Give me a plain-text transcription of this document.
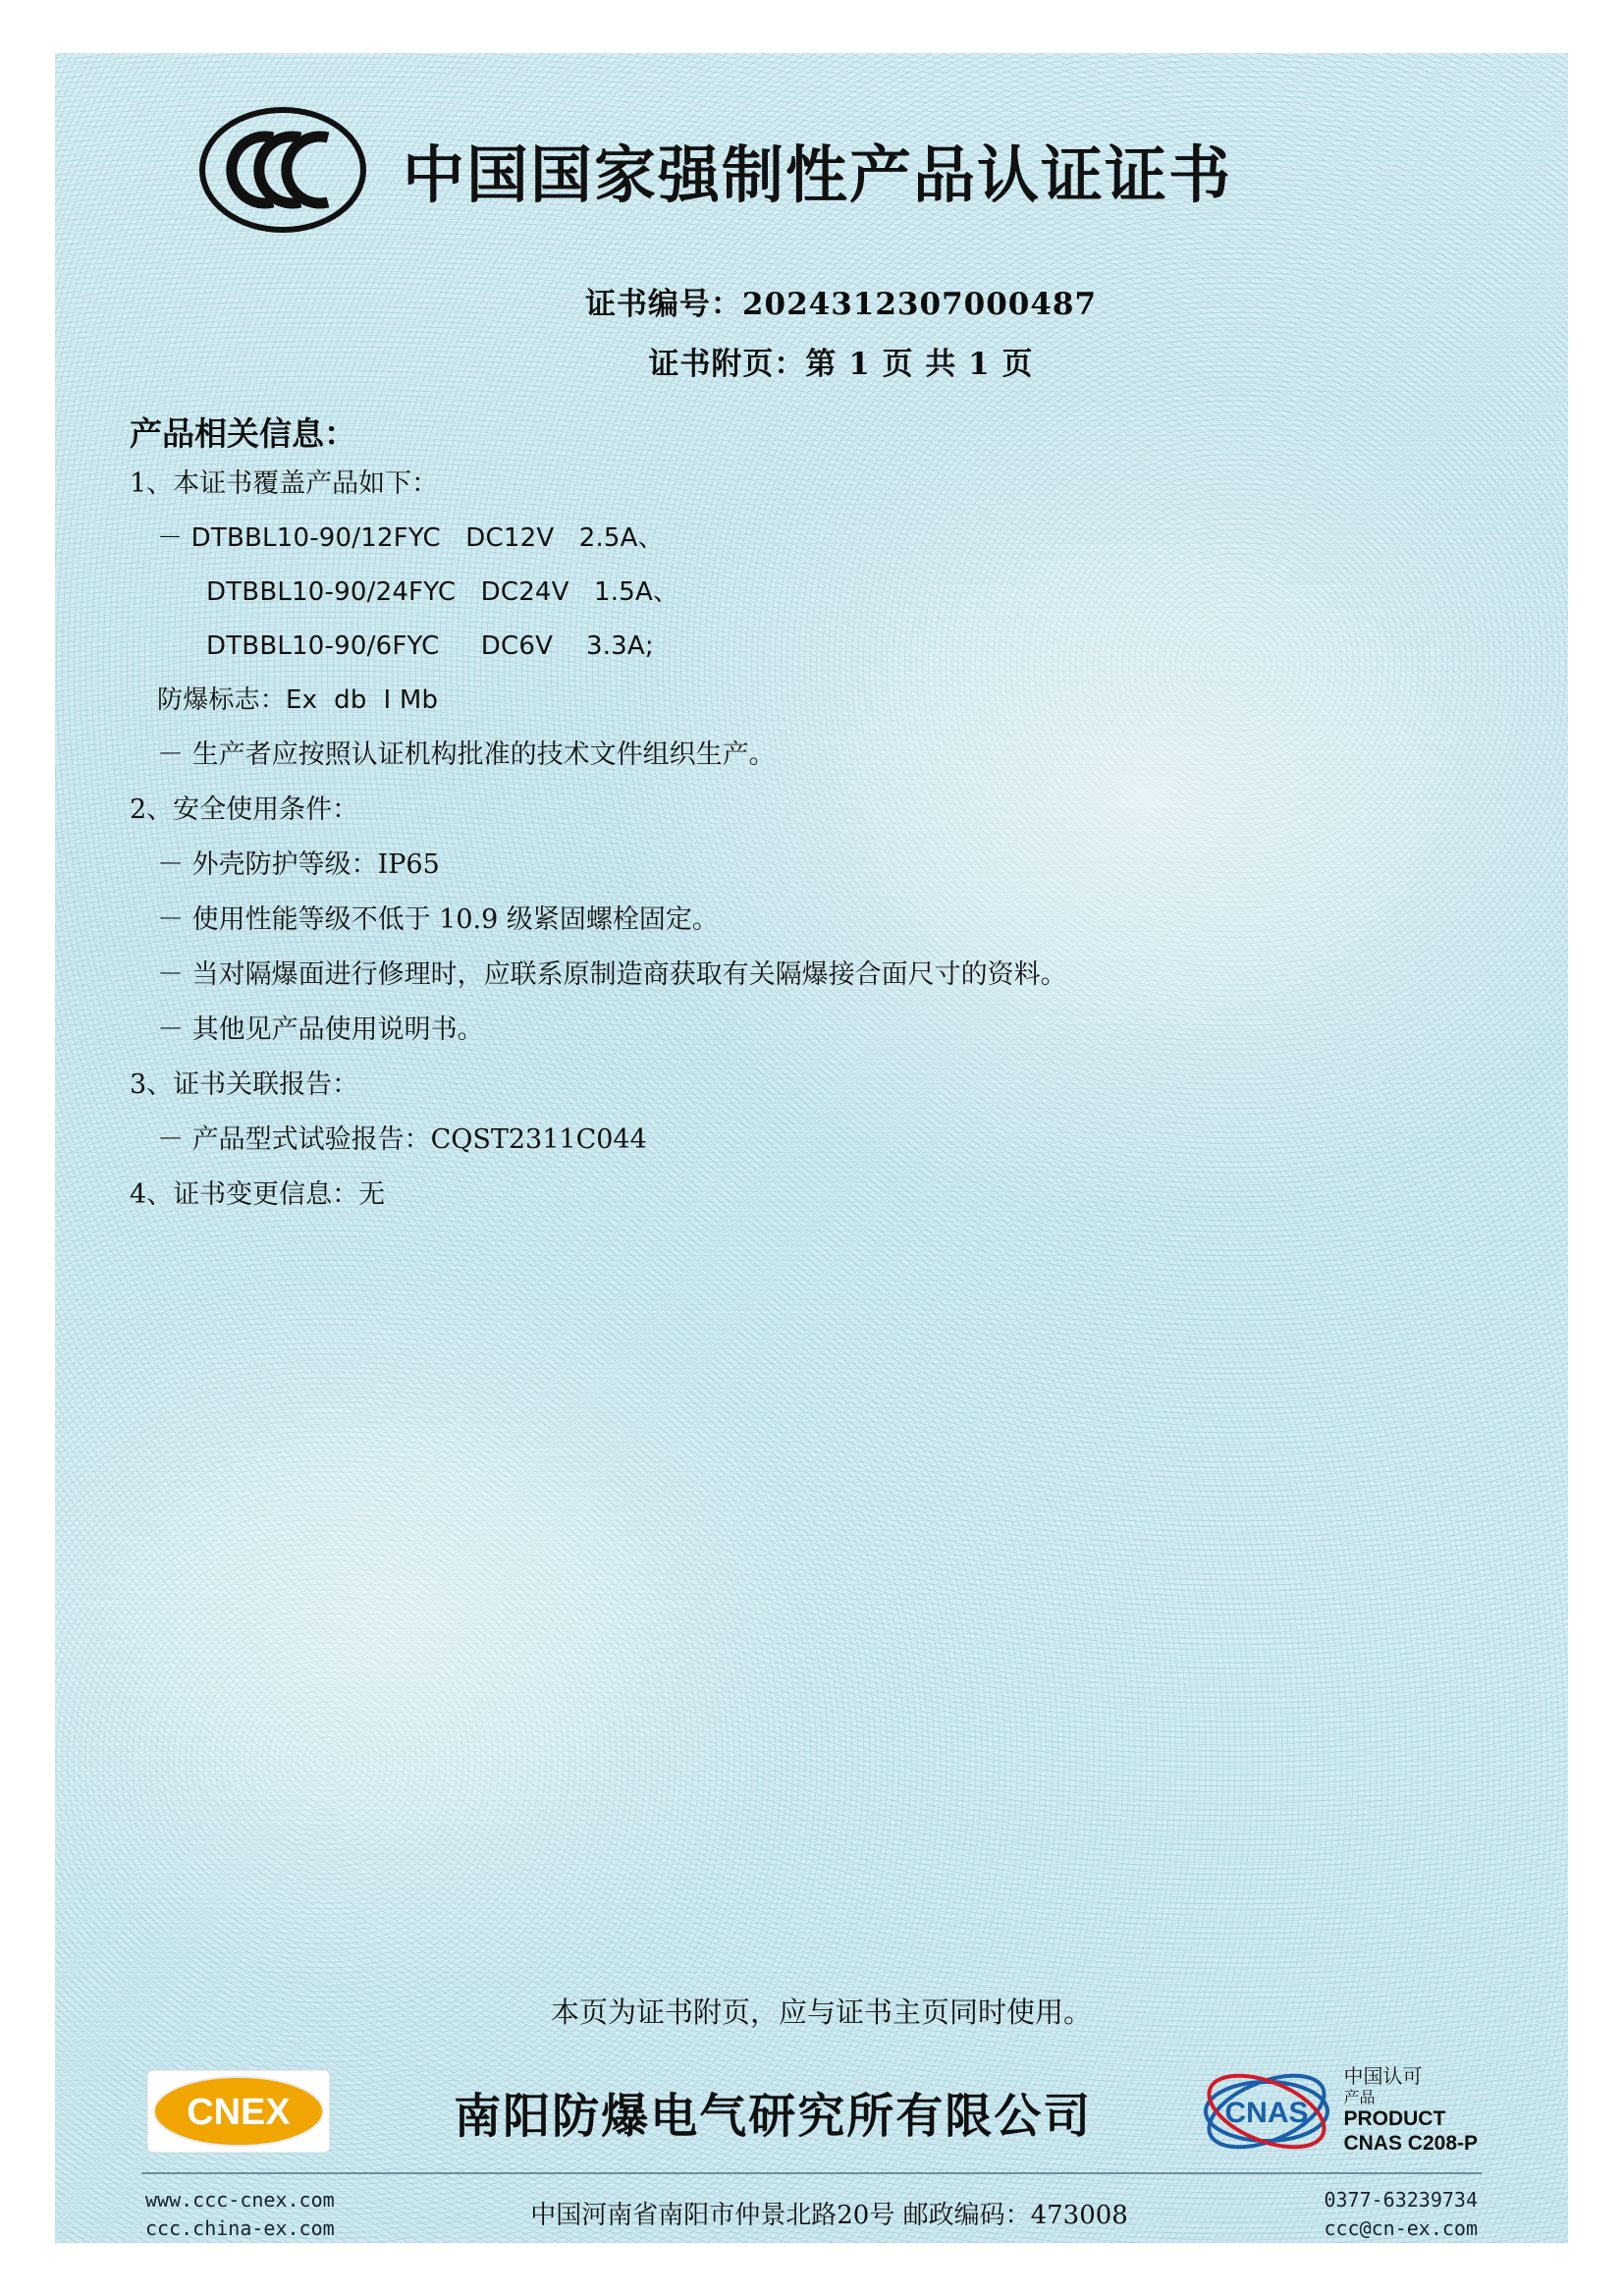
中国国家强制性产品认证证书
证书编号：2024312307000487
证书附页：第 1 页 共 1 页
产品相关信息：
1、本证书覆盖产品如下：
－ DTBBL10-90/12FYC   DC12V   2.5A、
DTBBL10-90/24FYC   DC24V   1.5A、
DTBBL10-90/6FYC     DC6V    3.3A;
防爆标志：Ex  db  Ⅰ Mb
－ 生产者应按照认证机构批准的技术文件组织生产。
2、安全使用条件：
－ 外壳防护等级：IP65
－ 使用性能等级不低于 10.9 级紧固螺栓固定。
－ 当对隔爆面进行修理时，应联系原制造商获取有关隔爆接合面尺寸的资料。
－ 其他见产品使用说明书。
3、证书关联报告：
－ 产品型式试验报告：CQST2311C044
4、证书变更信息：无
本页为证书附页，应与证书主页同时使用。
CNEX	南阳防爆电气研究所有限公司	CNAS
中国认可
产品
PRODUCT
CNAS C208-P
www.ccc-cnex.com
ccc.china-ex.com	中国河南省南阳市仲景北路20号 邮政编码：473008
0377-63239734
ccc@cn-ex.com
